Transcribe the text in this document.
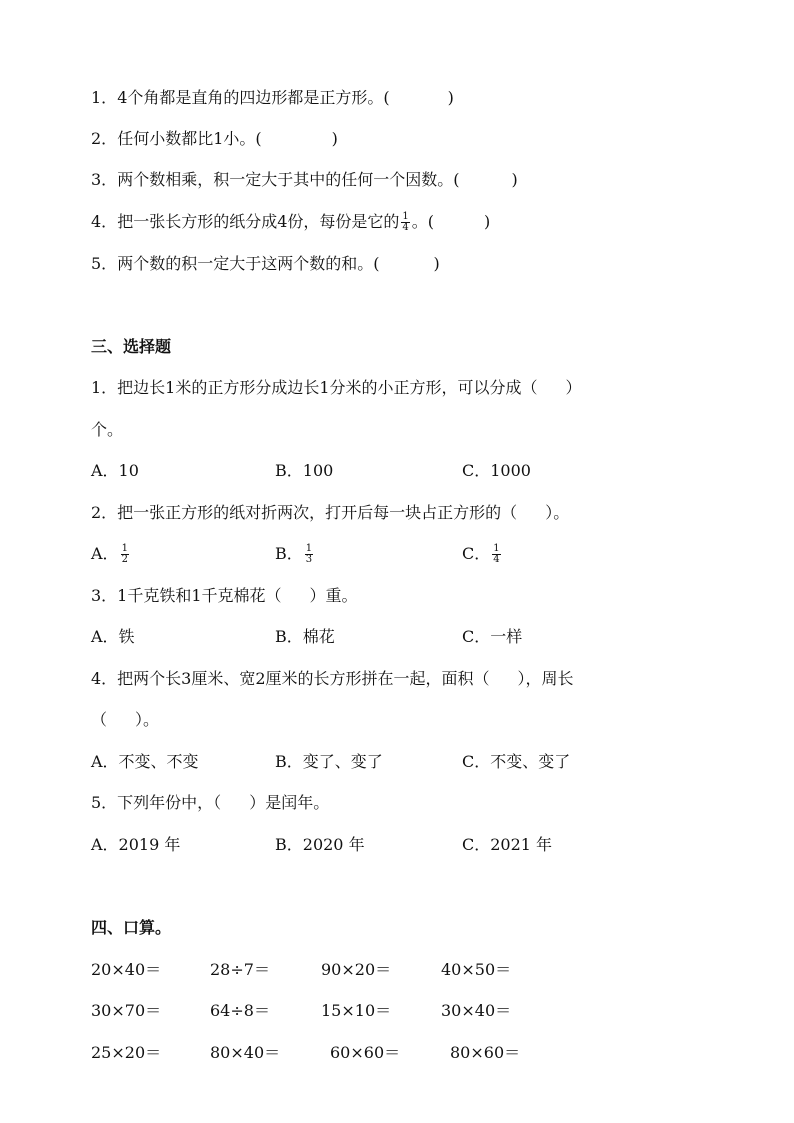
1．4个角都是直角的四边形都是正方形。(	)
2．任何小数都比1小。(	)
3．两个数相乘，积一定大于其中的任何一个因数。(	)
4．把一张长方形的纸分成4份，每份是它的 $\frac{1}{4}$ 。(	)
5．两个数的积一定大于这两个数的和。(	)
三、选择题
1．把边长1米的正方形分成边长1分米的小正方形，可以分成（ ）
个。
A．10	B．100	C．1000
2．把一张正方形的纸对折两次，打开后每一块占正方形的（ ）。
A． $\frac{1}{2}$	B． $\frac{1}{3}$	C． $\frac{1}{4}$
3．1千克铁和1千克棉花（ ）重。
A．铁	B．棉花	C．一样
4．把两个长3厘米、宽2厘米的长方形拼在一起，面积（ ），周长
（ ）。
A．不变、不变	B．变了、变了	C．不变、变了
5．下列年份中，（ ）是闰年。
A．2019 年	B．2020 年	C．2021 年
四、口算。
20×40＝	28÷7＝	90×20＝	40×50＝
30×70＝	64÷8＝	15×10＝	30×40＝
25×20＝	80×40＝	60×60＝	80×60＝
